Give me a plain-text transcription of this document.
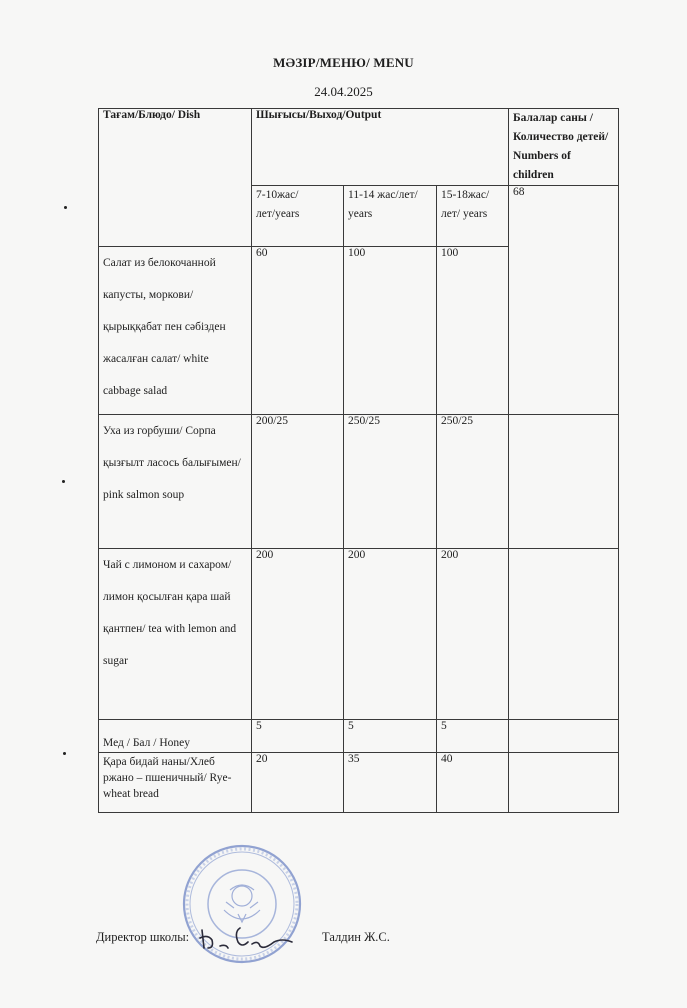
МӘЗІР/МЕНЮ/ MENU
24.04.2025
Тағам/Блюдо/ Dish	Шығысы/Выход/Output			Балалар саны /Количество детей/ Numbers of children
	7-10жас/лет/years	11-14 жас/лет/ years	15-18жас/лет/ years	68
Салат из белокочанной капусты, моркови/ қырыққабат пен сәбізден жасалған салат/ white cabbage salad	60	100	100	
Уха из горбуши/ Сорпа қызғылт ласось балығымен/ pink salmon soup	200/25	250/25	250/25	
Чай с лимоном и сахаром/ лимон қосылған қара шай қантпен/ tea with lemon and sugar	200	200	200	
Мед / Бал / Honey	5	5	5	
Қара бидай наны/Хлеб ржано – пшеничный/ Rye-wheat bread	20	35	40	
Директор школы:	Талдин Ж.С.
